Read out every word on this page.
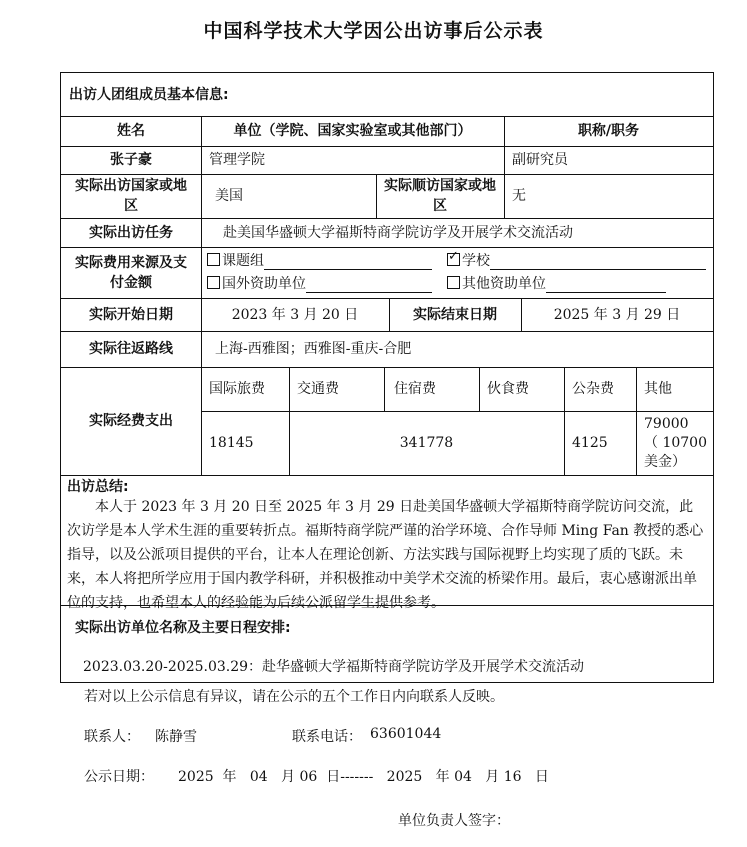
中国科学技术大学因公出访事后公示表
出访人团组成员基本信息:
姓名	单位（学院、国家实验室或其他部门）	职称/职务
张子豪	管理学院	副研究员
实际出访国家或地区
美国
实际顺访国家或地区
无
实际出访任务	赴美国华盛顿大学福斯特商学院访学及开展学术交流活动
实际费用来源及支付金额
课题组
✓	学校
国外资助单位	其他资助单位
实际开始日期	2023 年 3 月 20 日	实际结束日期	2025 年 3 月 29 日
实际往返路线	上海-西雅图；西雅图-重庆-合肥
实际经费支出
国际旅费	交通费	住宿费	伙食费	公杂费	其他
18145	341778	4125
79000
（ 10700
美金）
出访总结:
本人于 2023 年 3 月 20 日至 2025 年 3 月 29 日赴美国华盛顿大学福斯特商学院访问交流，此次访学是本人学术生涯的重要转折点。福斯特商学院严谨的治学环境、合作导师 Ming Fan 教授的悉心指导，以及公派项目提供的平台，让本人在理论创新、方法实践与国际视野上均实现了质的飞跃。未来，本人将把所学应用于国内教学科研，并积极推动中美学术交流的桥梁作用。最后，衷心感谢派出单位的支持，也希望本人的经验能为后续公派留学生提供参考。
实际出访单位名称及主要日程安排:
2023.03.20-2025.03.29：赴华盛顿大学福斯特商学院访学及开展学术交流活动
若对以上公示信息有异议，请在公示的五个工作日内向联系人反映。
联系人： 陈静雪	联系电话： 63601044
公示日期： 2025  年   04   月 06  日-------   2025   年 04   月 16   日
单位负责人签字：
